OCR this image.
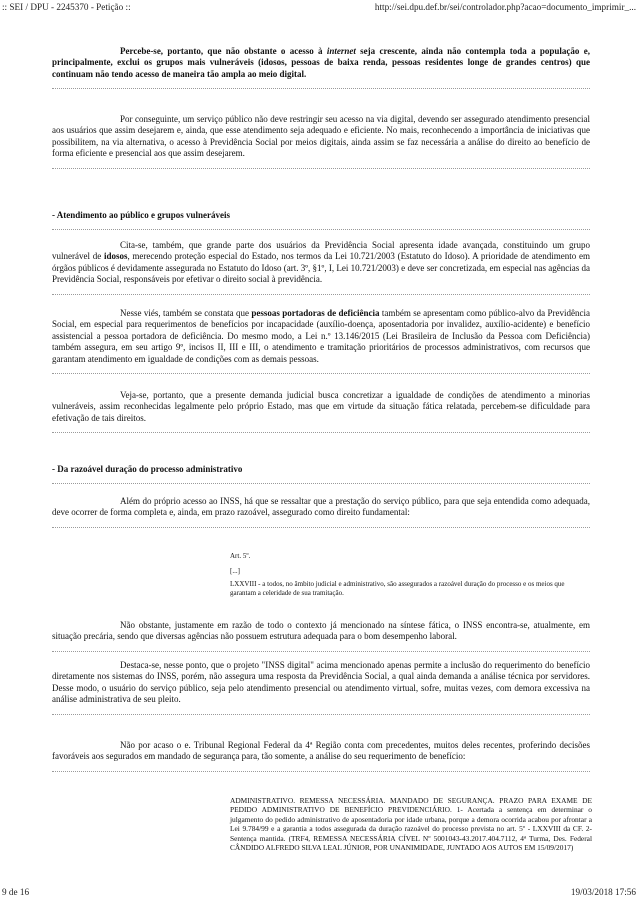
:: SEI / DPU - 2245370 - Petição ::	http://sei.dpu.def.br/sei/controlador.php?acao=documento_imprimir_...

Percebe-se, portanto, que não obstante o acesso à internet seja crescente, ainda não contempla toda a população e, principalmente, exclui os grupos mais vulneráveis (idosos, pessoas de baixa renda, pessoas residentes longe de grandes centros) que continuam não tendo acesso de maneira tão ampla ao meio digital.

Por conseguinte, um serviço público não deve restringir seu acesso na via digital, devendo ser assegurado atendimento presencial aos usuários que assim desejarem e, ainda, que esse atendimento seja adequado e eficiente. No mais, reconhecendo a importância de iniciativas que possibilitem, na via alternativa, o acesso à Previdência Social por meios digitais, ainda assim se faz necessária a análise do direito ao benefício de forma eficiente e presencial aos que assim desejarem.

- Atendimento ao público e grupos vulneráveis

Cita-se, também, que grande parte dos usuários da Previdência Social apresenta idade avançada, constituindo um grupo vulnerável de idosos, merecendo proteção especial do Estado, nos termos da Lei 10.721/2003 (Estatuto do Idoso). A prioridade de atendimento em órgãos públicos é devidamente assegurada no Estatuto do Idoso (art. 3º, §1º, I, Lei 10.721/2003) e deve ser concretizada, em especial nas agências da Previdência Social, responsáveis por efetivar o direito social à previdência.

Nesse viés, também se constata que pessoas portadoras de deficiência também se apresentam como público-alvo da Previdência Social, em especial para requerimentos de benefícios por incapacidade (auxílio-doença, aposentadoria por invalidez, auxílio-acidente) e benefício assistencial a pessoa portadora de deficiência. Do mesmo modo, a Lei n.º 13.146/2015 (Lei Brasileira de Inclusão da Pessoa com Deficiência) também assegura, em seu artigo 9º, incisos II, III e III, o atendimento e tramitação prioritários de processos administrativos, com recursos que garantam atendimento em igualdade de condições com as demais pessoas.

Veja-se, portanto, que a presente demanda judicial busca concretizar a igualdade de condições de atendimento a minorias vulneráveis, assim reconhecidas legalmente pelo próprio Estado, mas que em virtude da situação fática relatada, percebem-se dificuldade para efetivação de tais direitos.

- Da razoável duração do processo administrativo

Além do próprio acesso ao INSS, há que se ressaltar que a prestação do serviço público, para que seja entendida como adequada, deve ocorrer de forma completa e, ainda, em prazo razoável, assegurado como direito fundamental:

Art. 5º.

[...]

LXXVIII - a todos, no âmbito judicial e administrativo, são assegurados a razoável duração do processo e os meios que garantam a celeridade de sua tramitação.

Não obstante, justamente em razão de todo o contexto já mencionado na síntese fática, o INSS encontra-se, atualmente, em situação precária, sendo que diversas agências não possuem estrutura adequada para o bom desempenho laboral.

Destaca-se, nesse ponto, que o projeto "INSS digital" acima mencionado apenas permite a inclusão do requerimento do benefício diretamente nos sistemas do INSS, porém, não assegura uma resposta da Previdência Social, a qual ainda demanda a análise técnica por servidores. Desse modo, o usuário do serviço público, seja pelo atendimento presencial ou atendimento virtual, sofre, muitas vezes, com demora excessiva na análise administrativa de seu pleito.

Não por acaso o e. Tribunal Regional Federal da 4ª Região conta com precedentes, muitos deles recentes, proferindo decisões favoráveis aos segurados em mandado de segurança para, tão somente, a análise do seu requerimento de benefício:

ADMINISTRATIVO. REMESSA NECESSÁRIA. MANDADO DE SEGURANÇA. PRAZO PARA EXAME DE PEDIDO ADMINISTRATIVO DE BENEFÍCIO PREVIDENCIÁRIO. 1- Acertada a sentença em determinar o julgamento do pedido administrativo de aposentadoria por idade urbana, porque a demora ocorrida acabou por afrontar a Lei 9.784/99 e a garantia a todos assegurada da duração razoável do processo prevista no art. 5º - LXXVIII da CF. 2- Sentença mantida. (TRF4, REMESSA NECESSÁRIA CÍVEL Nº 5001043-43.2017.404.7112, 4ª Turma, Des. Federal CÂNDIDO ALFREDO SILVA LEAL JÚNIOR, POR UNANIMIDADE, JUNTADO AOS AUTOS EM 15/09/2017)

9 de 16	19/03/2018 17:56
